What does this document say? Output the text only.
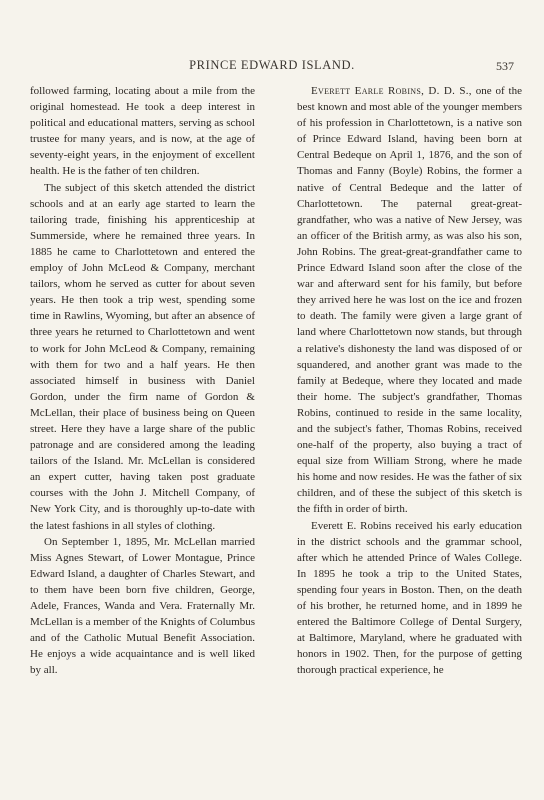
PRINCE EDWARD ISLAND.	537

followed farming, locating about a mile from the original homestead. He took a deep interest in political and educational matters, serving as school trustee for many years, and is now, at the age of seventy-eight years, in the enjoyment of excellent health. He is the father of ten children.

The subject of this sketch attended the district schools and at an early age started to learn the tailoring trade, finishing his apprenticeship at Summerside, where he remained three years. In 1885 he came to Charlottetown and entered the employ of John McLeod & Company, merchant tailors, whom he served as cutter for about seven years. He then took a trip west, spending some time in Rawlins, Wyoming, but after an absence of three years he returned to Charlottetown and went to work for John McLeod & Company, remaining with them for two and a half years. He then associated himself in business with Daniel Gordon, under the firm name of Gordon & McLellan, their place of business being on Queen street. Here they have a large share of the public patronage and are considered among the leading tailors of the Island. Mr. McLellan is considered an expert cutter, having taken post graduate courses with the John J. Mitchell Company, of New York City, and is thoroughly up-to-date with the latest fashions in all styles of clothing.

On September 1, 1895, Mr. McLellan married Miss Agnes Stewart, of Lower Montague, Prince Edward Island, a daughter of Charles Stewart, and to them have been born five children, George, Adele, Frances, Wanda and Vera. Fraternally Mr. McLellan is a member of the Knights of Columbus and of the Catholic Mutual Benefit Association. He enjoys a wide acquaintance and is well liked by all.

Everett Earle Robins, D. D. S., one of the best known and most able of the younger members of his profession in Charlottetown, is a native son of Prince Edward Island, having been born at Central Bedeque on April 1, 1876, and the son of Thomas and Fanny (Boyle) Robins, the former a native of Central Bedeque and the latter of Charlottetown. The paternal great-great-grandfather, who was a native of New Jersey, was an officer of the British army, as was also his son, John Robins. The great-great-grandfather came to Prince Edward Island soon after the close of the war and afterward sent for his family, but before they arrived here he was lost on the ice and frozen to death. The family were given a large grant of land where Charlottetown now stands, but through a relative's dishonesty the land was disposed of or squandered, and another grant was made to the family at Bedeque, where they located and made their home. The subject's grandfather, Thomas Robins, continued to reside in the same locality, and the subject's father, Thomas Robins, received one-half of the property, also buying a tract of equal size from William Strong, where he made his home and now resides. He was the father of six children, and of these the subject of this sketch is the fifth in order of birth.

Everett E. Robins received his early education in the district schools and the grammar school, after which he attended Prince of Wales College. In 1895 he took a trip to the United States, spending four years in Boston. Then, on the death of his brother, he returned home, and in 1899 he entered the Baltimore College of Dental Surgery, at Baltimore, Maryland, where he graduated with honors in 1902. Then, for the purpose of getting thorough practical experience, he
